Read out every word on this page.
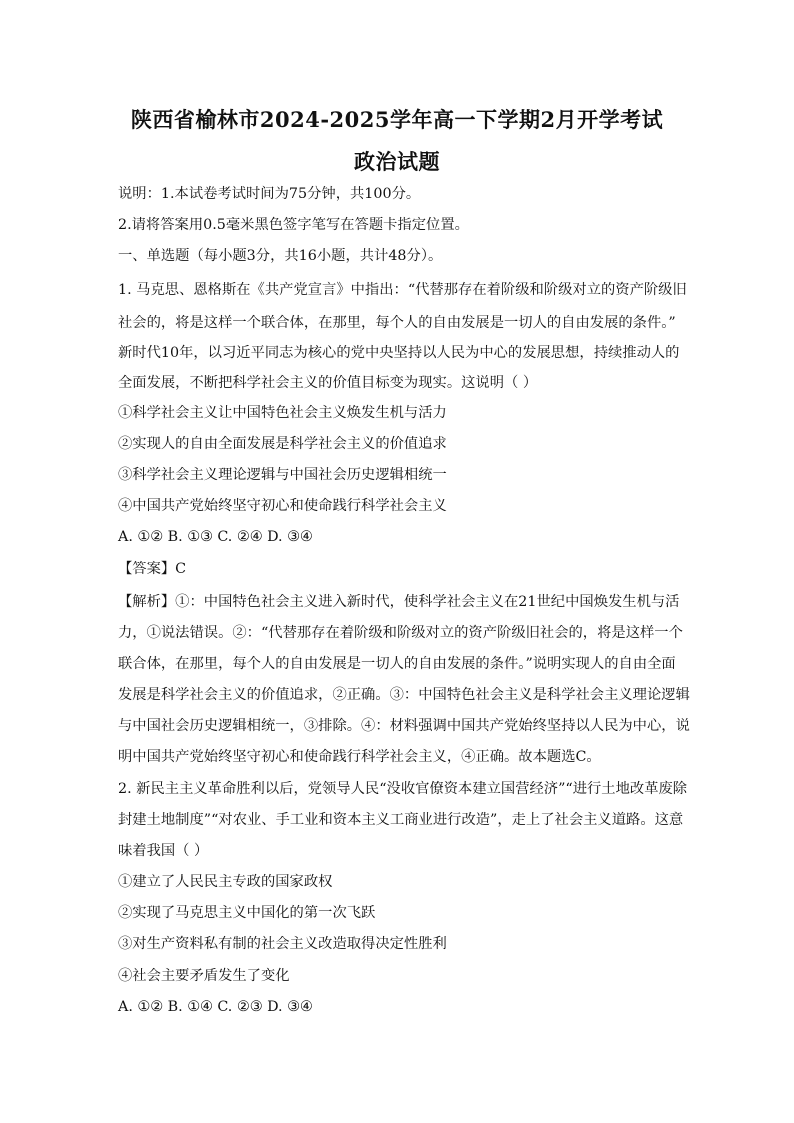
陕西省榆林市2024-2025学年高一下学期2月开学考试
政治试题
说明：1.本试卷考试时间为75分钟，共100分。
2.请将答案用0.5毫米黑色签字笔写在答题卡指定位置。
一、单选题（每小题3分，共16小题，共计48分）。
1. 马克思、恩格斯在《共产党宣言》中指出：“代替那存在着阶级和阶级对立的资产阶级旧
社会的，将是这样一个联合体，在那里，每个人的自由发展是一切人的自由发展的条件。”
新时代10年，以习近平同志为核心的党中央坚持以人民为中心的发展思想，持续推动人的
全面发展，不断把科学社会主义的价值目标变为现实。这说明（ ）
①科学社会主义让中国特色社会主义焕发生机与活力
②实现人的自由全面发展是科学社会主义的价值追求
③科学社会主义理论逻辑与中国社会历史逻辑相统一
④中国共产党始终坚守初心和使命践行科学社会主义
A. ①② B. ①③ C. ②④ D. ③④
【答案】C
【解析】①：中国特色社会主义进入新时代，使科学社会主义在21世纪中国焕发生机与活
力，①说法错误。②：“代替那存在着阶级和阶级对立的资产阶级旧社会的，将是这样一个
联合体，在那里，每个人的自由发展是一切人的自由发展的条件。”说明实现人的自由全面
发展是科学社会主义的价值追求，②正确。③：中国特色社会主义是科学社会主义理论逻辑
与中国社会历史逻辑相统一，③排除。④：材料强调中国共产党始终坚持以人民为中心，说
明中国共产党始终坚守初心和使命践行科学社会主义，④正确。故本题选C。
2. 新民主主义革命胜利以后，党领导人民“没收官僚资本建立国营经济”“进行土地改革废除
封建土地制度”“对农业、手工业和资本主义工商业进行改造”，走上了社会主义道路。这意
味着我国（ ）
①建立了人民民主专政的国家政权
②实现了马克思主义中国化的第一次飞跃
③对生产资料私有制的社会主义改造取得决定性胜利
④社会主要矛盾发生了变化
A. ①② B. ①④ C. ②③ D. ③④
